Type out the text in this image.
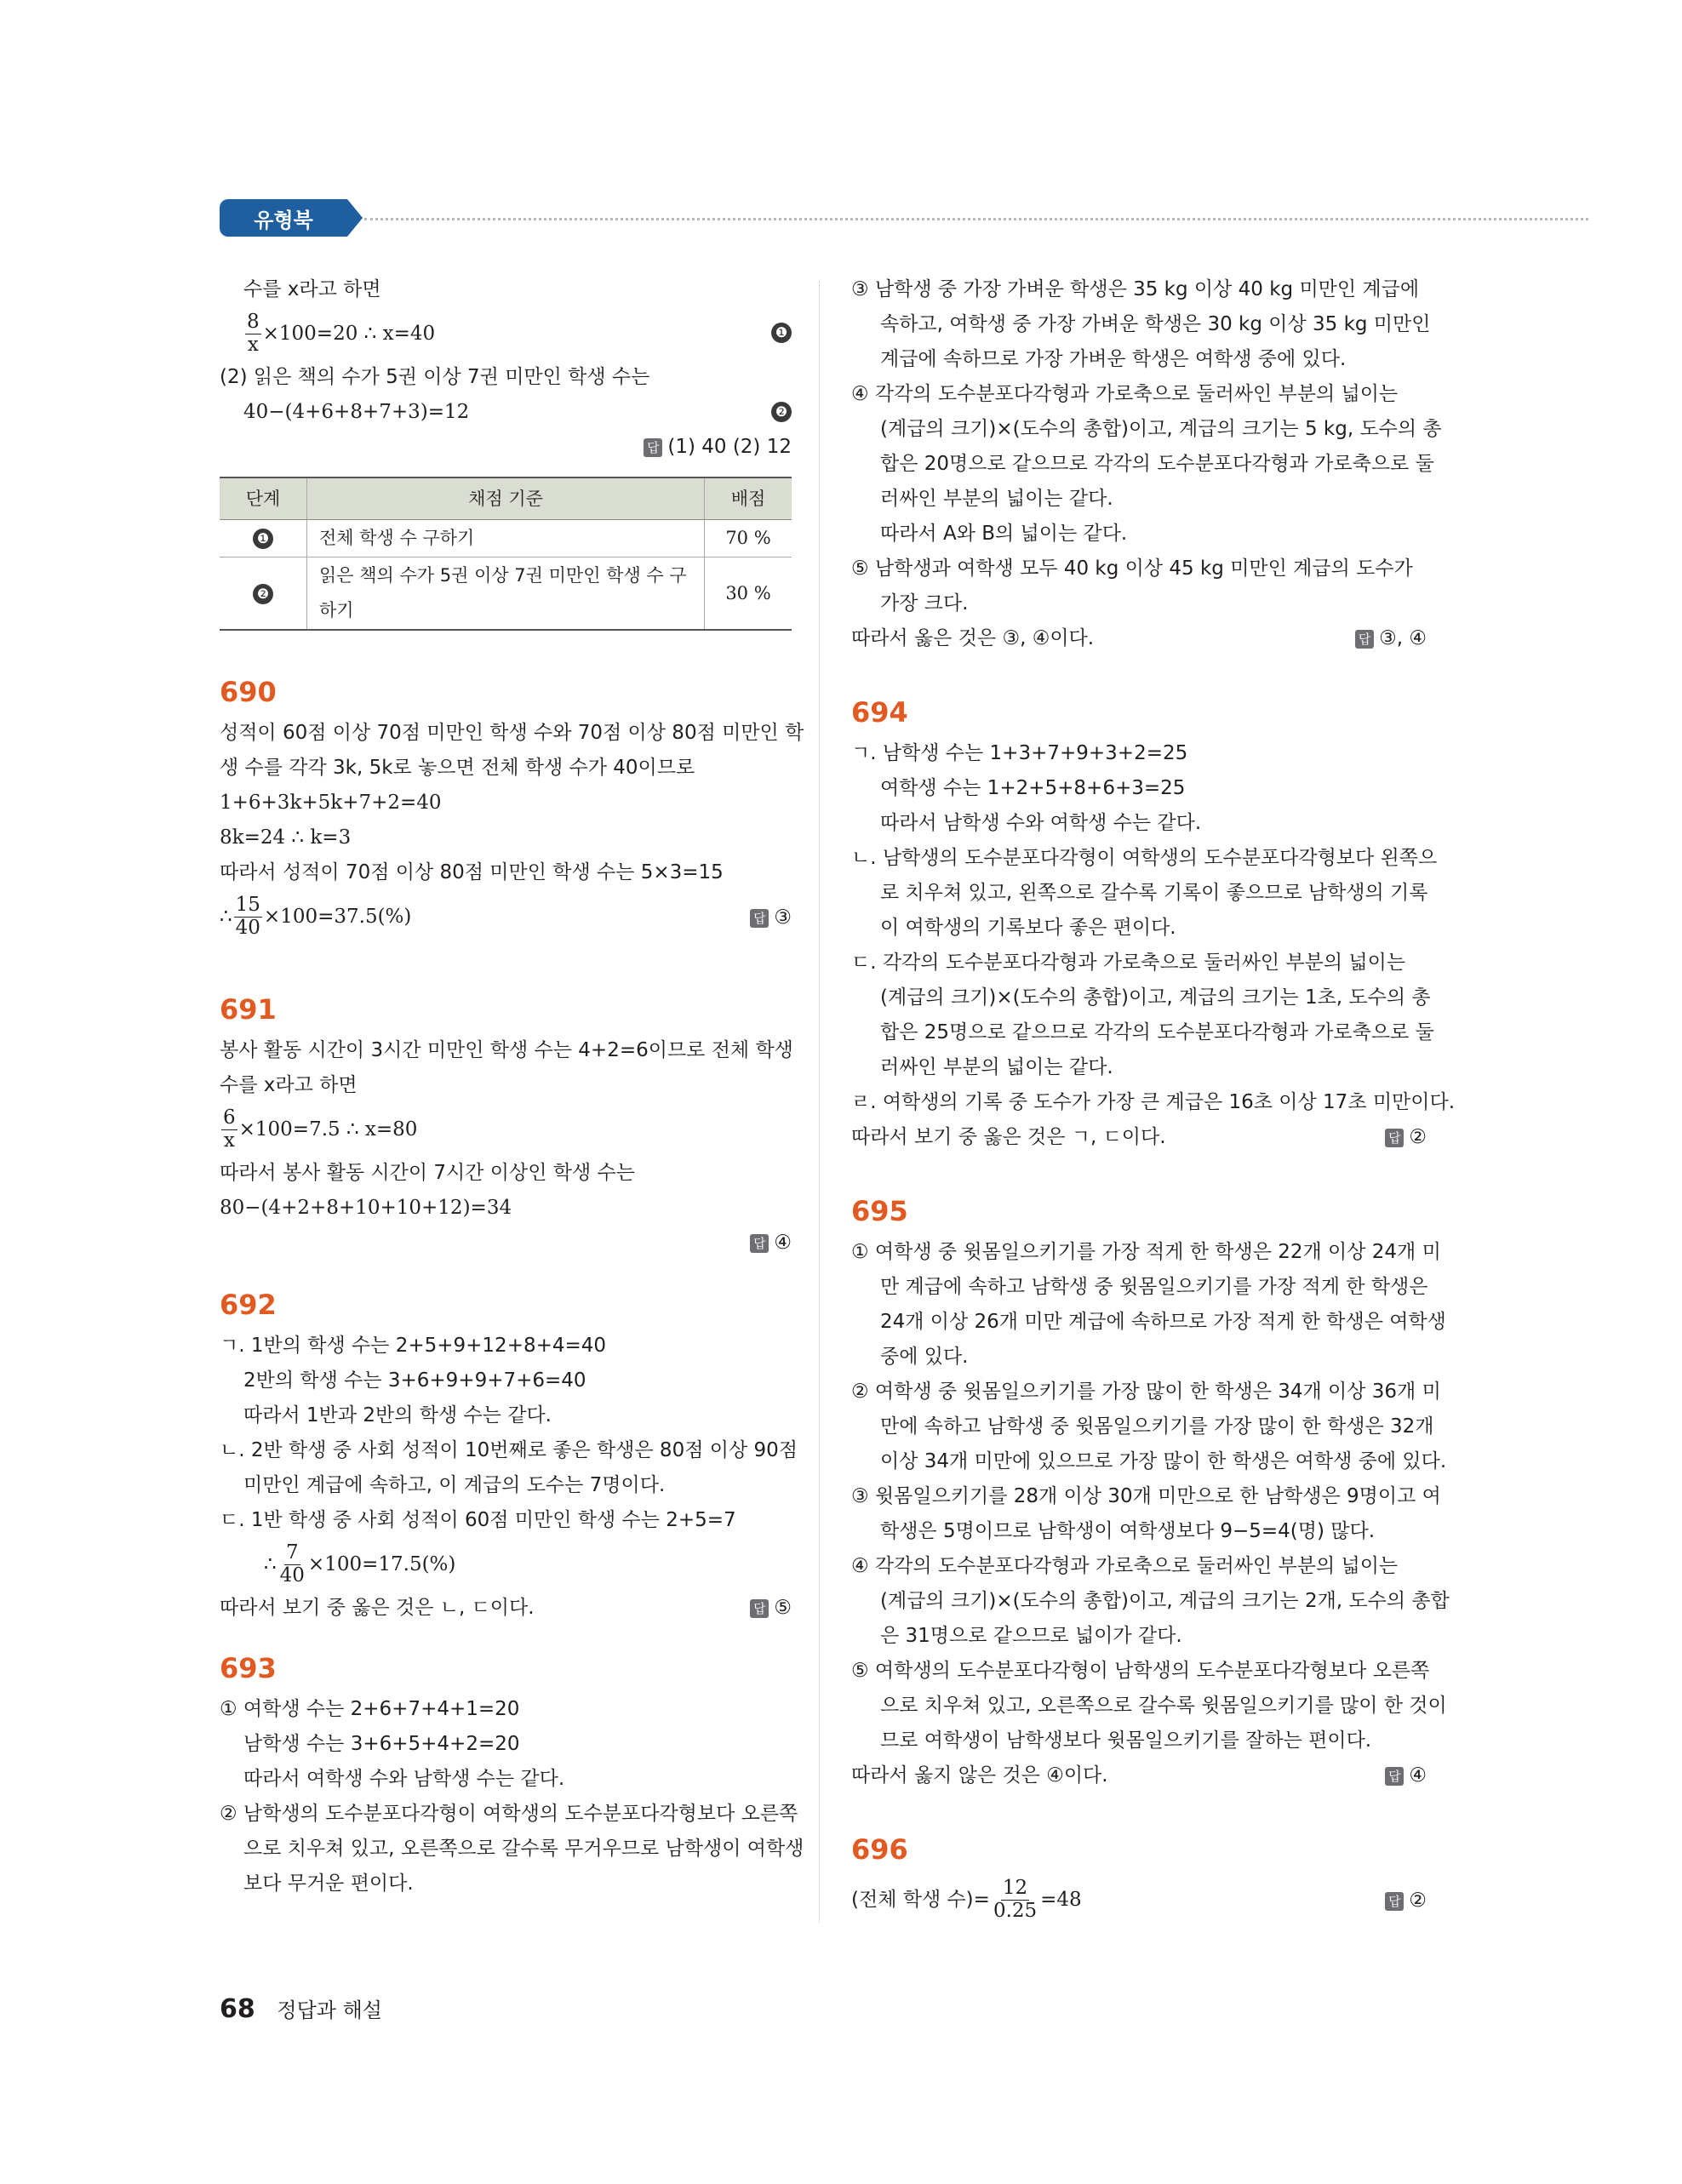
유형북
수를 x라고 하면
$\frac{8}{x} \times 100=20$ ∴ x=40	❶
(2) 읽은 책의 수가 5권 이상 7권 미만인 학생 수는
40−(4+6+8+7+3)=12	❷
답 (1) 40 (2) 12
단계	채점 기준	배점
❶	전체 학생 수 구하기	70 %
❷	읽은 책의 수가 5권 이상 7권 미만인 학생 수 구하기	30 %
690
성적이 60점 이상 70점 미만인 학생 수와 70점 이상 80점 미만인 학
생 수를 각각 3k, 5k로 놓으면 전체 학생 수가 40이므로
1+6+3k+5k+7+2=40
8k=24 ∴ k=3
따라서 성적이 70점 이상 80점 미만인 학생 수는 5×3=15
∴ $\frac{15}{40} \times 100=37.5(\%)$	답 ③
691
봉사 활동 시간이 3시간 미만인 학생 수는 4+2=6이므로 전체 학생
수를 x라고 하면
$\frac{6}{x} \times 100=7.5$ ∴ x=80
따라서 봉사 활동 시간이 7시간 이상인 학생 수는
80−(4+2+8+10+10+12)=34
답 ④
692
ㄱ. 1반의 학생 수는 2+5+9+12+8+4=40
2반의 학생 수는 3+6+9+9+7+6=40
따라서 1반과 2반의 학생 수는 같다.
ㄴ. 2반 학생 중 사회 성적이 10번째로 좋은 학생은 80점 이상 90점
미만인 계급에 속하고, 이 계급의 도수는 7명이다.
ㄷ. 1반 학생 중 사회 성적이 60점 미만인 학생 수는 2+5=7
∴ $\frac{7}{40} \times 100=17.5(\%)$
따라서 보기 중 옳은 것은 ㄴ, ㄷ이다.	답 ⑤
693
① 여학생 수는 2+6+7+4+1=20
남학생 수는 3+6+5+4+2=20
따라서 여학생 수와 남학생 수는 같다.
② 남학생의 도수분포다각형이 여학생의 도수분포다각형보다 오른쪽
으로 치우쳐 있고, 오른쪽으로 갈수록 무거우므로 남학생이 여학생
보다 무거운 편이다.
③ 남학생 중 가장 가벼운 학생은 35 kg 이상 40 kg 미만인 계급에
속하고, 여학생 중 가장 가벼운 학생은 30 kg 이상 35 kg 미만인
계급에 속하므로 가장 가벼운 학생은 여학생 중에 있다.
④ 각각의 도수분포다각형과 가로축으로 둘러싸인 부분의 넓이는
(계급의 크기)×(도수의 총합)이고, 계급의 크기는 5 kg, 도수의 총
합은 20명으로 같으므로 각각의 도수분포다각형과 가로축으로 둘
러싸인 부분의 넓이는 같다.
따라서 A와 B의 넓이는 같다.
⑤ 남학생과 여학생 모두 40 kg 이상 45 kg 미만인 계급의 도수가
가장 크다.
따라서 옳은 것은 ③, ④이다.	답 ③, ④
694
ㄱ. 남학생 수는 1+3+7+9+3+2=25
여학생 수는 1+2+5+8+6+3=25
따라서 남학생 수와 여학생 수는 같다.
ㄴ. 남학생의 도수분포다각형이 여학생의 도수분포다각형보다 왼쪽으
로 치우쳐 있고, 왼쪽으로 갈수록 기록이 좋으므로 남학생의 기록
이 여학생의 기록보다 좋은 편이다.
ㄷ. 각각의 도수분포다각형과 가로축으로 둘러싸인 부분의 넓이는
(계급의 크기)×(도수의 총합)이고, 계급의 크기는 1초, 도수의 총
합은 25명으로 같으므로 각각의 도수분포다각형과 가로축으로 둘
러싸인 부분의 넓이는 같다.
ㄹ. 여학생의 기록 중 도수가 가장 큰 계급은 16초 이상 17초 미만이다.
따라서 보기 중 옳은 것은 ㄱ, ㄷ이다.	답 ②
695
① 여학생 중 윗몸일으키기를 가장 적게 한 학생은 22개 이상 24개 미
만 계급에 속하고 남학생 중 윗몸일으키기를 가장 적게 한 학생은
24개 이상 26개 미만 계급에 속하므로 가장 적게 한 학생은 여학생
중에 있다.
② 여학생 중 윗몸일으키기를 가장 많이 한 학생은 34개 이상 36개 미
만에 속하고 남학생 중 윗몸일으키기를 가장 많이 한 학생은 32개
이상 34개 미만에 있으므로 가장 많이 한 학생은 여학생 중에 있다.
③ 윗몸일으키기를 28개 이상 30개 미만으로 한 남학생은 9명이고 여
학생은 5명이므로 남학생이 여학생보다 9−5=4(명) 많다.
④ 각각의 도수분포다각형과 가로축으로 둘러싸인 부분의 넓이는
(계급의 크기)×(도수의 총합)이고, 계급의 크기는 2개, 도수의 총합
은 31명으로 같으므로 넓이가 같다.
⑤ 여학생의 도수분포다각형이 남학생의 도수분포다각형보다 오른쪽
으로 치우쳐 있고, 오른쪽으로 갈수록 윗몸일으키기를 많이 한 것이
므로 여학생이 남학생보다 윗몸일으키기를 잘하는 편이다.
따라서 옳지 않은 것은 ④이다.	답 ④
696
(전체 학생 수)= $\frac{12}{0.25} =48$	답 ②
68 정답과 해설
